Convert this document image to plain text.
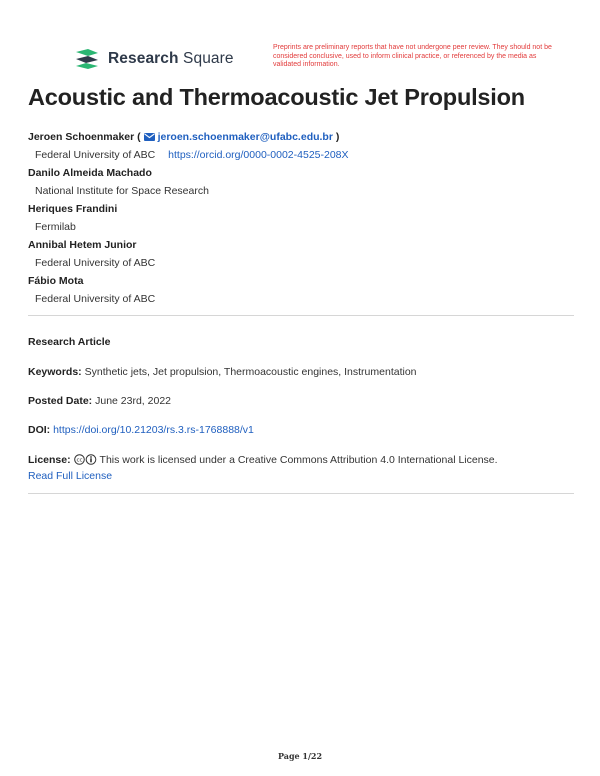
Research Square
Preprints are preliminary reports that have not undergone peer review. They should not be considered conclusive, used to inform clinical practice, or referenced by the media as validated information.
Acoustic and Thermoacoustic Jet Propulsion
Jeroen Schoenmaker ( jeroen.schoenmaker@ufabc.edu.br )
Federal University of ABC https://orcid.org/0000-0002-4525-208X
Danilo Almeida Machado
National Institute for Space Research
Heriques Frandini
Fermilab
Annibal Hetem Junior
Federal University of ABC
Fábio Mota
Federal University of ABC
Research Article
Keywords: Synthetic jets, Jet propulsion, Thermoacoustic engines, Instrumentation
Posted Date: June 23rd, 2022
DOI: https://doi.org/10.21203/rs.3.rs-1768888/v1
License: cc This work is licensed under a Creative Commons Attribution 4.0 International License.
Read Full License
Page 1/22
